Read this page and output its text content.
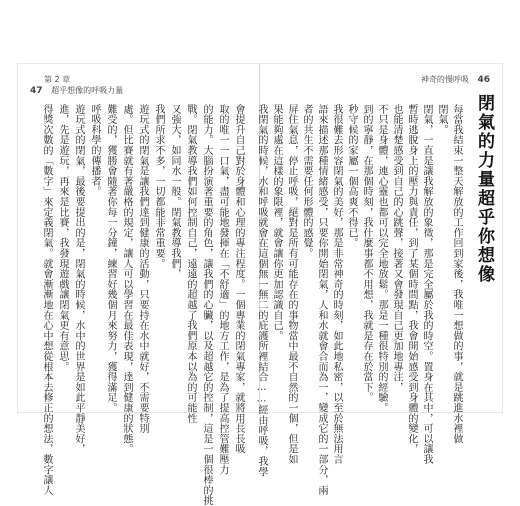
第 2 章
47 超乎想像的呼吸力量
會提升自己對於身體和心理的專注程度。一個專業的閉氣專家，就將用長長吸
取的唯一一口氣，盡可能地發揮在「不舒適」的地方工作，是為了提高控管難壓力
的能力。大腦扮演著重要的角色，讓我們的心臟，以及超越它的控制，這是一個很棒的挑
戰。閉氣教導我們如何控制自己，遠遠的超越了我們原本以為的可能性
又強大，如同水一般。閉氣教導我們，
我們所求不多，一切都能非常重要。
遊玩式的閉氣是讓我們達到健康的活動，只要持在水中就好，不需要特別
處。但比賽就有著嚴格的規定，讓人可以學習在最佳表現，達到健康的狀態。
難受的，獲勝會隨著你每一分鐘，練習好幾個月來努力，獲得滿足。
呼吸科學的傳播者。
遊玩式的閉氣，最後要提出的是，閉氣的時候，水中的世界是如此平靜美好，
進，先是遊玩，再來是比賽，我發現遊戲讓閉氣更有意思。
得獎次數的「數字」來定義閉氣。就會漸漸地在心中想從根本去修正的想法，數字讓人
神奇的慢呼吸 46
閉氣的力量超乎你想像
每當我結束一整天解放的工作回到家後，我唯一想做的事，就是跳進水裡做
閉氣。
閉氣，一直是讓我解放的象徵，那是完全屬於我的時空。置身在其中，可以讓我
暫時逃脫身上的壓力與責任，到了某個時間點，我會開始感受到身體的變化，
也能清楚感受到自己的心跳聲，接著又會發現自己更加地專注，
不只是身體，連心靈也都可以完全地放鬆。那是一種很特別的經驗。
到的寧靜，在那個時刻，我什麼事都不用想，我就是存在於當下。
秒守候的家屬一個高爽不得已。
我很難去形容閉氣的美好，那是非常神奇的時刻，如此地私密，以至於無法用言
語來描述那種情緒感受，只要你開始閉氣，人和水就會合而為一，變成它的一部分，兩
者的共生不需要任何形體的感覺。
屏住氣息，停止呼吸，絕對是所有可能存在的事物當中最不自然的一個，但是如
果能夠處在這樣的象限裡，就會讓你更加認識自己。
我閉氣的時候，水和呼吸就會在這個無一無二的庇護所裡結合……經由呼吸，我學
